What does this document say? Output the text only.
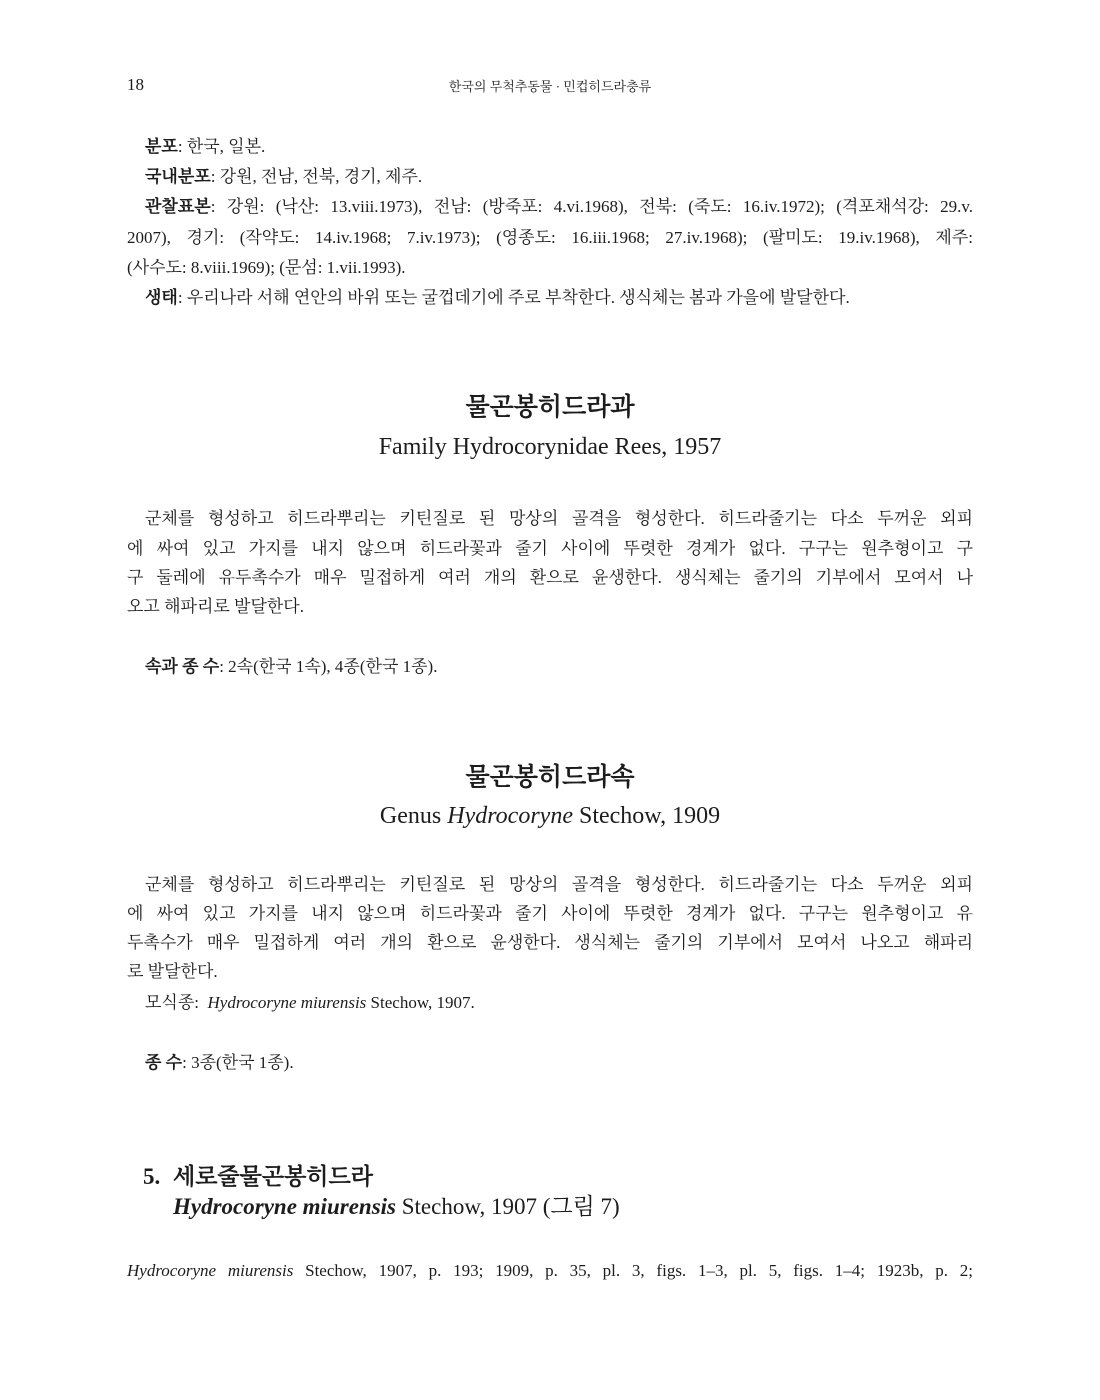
18	한국의 무척추동물 · 민컵히드라충류
분포: 한국, 일본.
국내분포: 강원, 전남, 전북, 경기, 제주.
관찰표본: 강원: (낙산: 13.viii.1973), 전남: (방죽포: 4.vi.1968), 전북: (죽도: 16.iv.1972); (격포채석강: 29.v.
2007), 경기: (작약도: 14.iv.1968; 7.iv.1973); (영종도: 16.iii.1968; 27.iv.1968); (팔미도: 19.iv.1968), 제주:
(사수도: 8.viii.1969); (문섬: 1.vii.1993).
생태: 우리나라 서해 연안의 바위 또는 굴껍데기에 주로 부착한다. 생식체는 봄과 가을에 발달한다.
물곤봉히드라과
Family Hydrocorynidae Rees, 1957
군체를 형성하고 히드라뿌리는 키틴질로 된 망상의 골격을 형성한다. 히드라줄기는 다소 두꺼운 외피
에 싸여 있고 가지를 내지 않으며 히드라꽃과 줄기 사이에 뚜렷한 경계가 없다. 구구는 원추형이고 구
구 둘레에 유두촉수가 매우 밀접하게 여러 개의 환으로 윤생한다. 생식체는 줄기의 기부에서 모여서 나
오고 해파리로 발달한다.
속과 종 수: 2속(한국 1속), 4종(한국 1종).
물곤봉히드라속
Genus Hydrocoryne Stechow, 1909
군체를 형성하고 히드라뿌리는 키틴질로 된 망상의 골격을 형성한다. 히드라줄기는 다소 두꺼운 외피
에 싸여 있고 가지를 내지 않으며 히드라꽃과 줄기 사이에 뚜렷한 경계가 없다. 구구는 원추형이고 유
두촉수가 매우 밀접하게 여러 개의 환으로 윤생한다. 생식체는 줄기의 기부에서 모여서 나오고 해파리
로 발달한다.
모식종: Hydrocoryne miurensis Stechow, 1907.
종 수: 3종(한국 1종).
5. 세로줄물곤봉히드라
Hydrocoryne miurensis Stechow, 1907 (그림 7)
Hydrocoryne miurensis Stechow, 1907, p. 193; 1909, p. 35, pl. 3, figs. 1–3, pl. 5, figs. 1–4; 1923b, p. 2;
